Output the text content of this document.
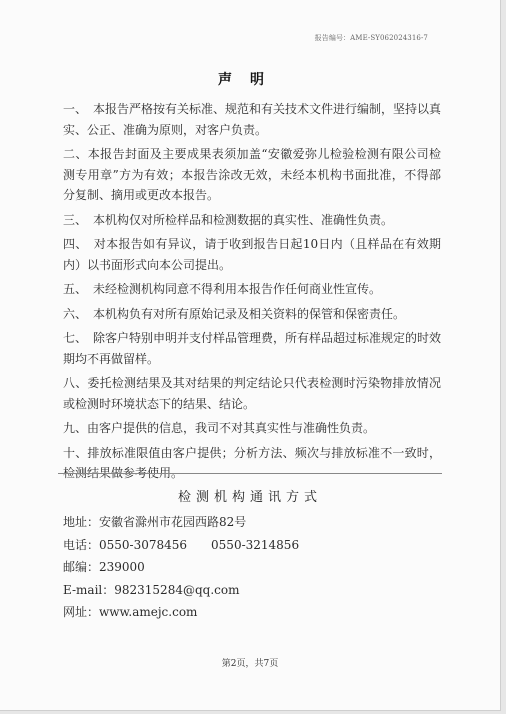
报告编号：AME-SY062024316-7
声明

一、　本报告严格按有关标准、规范和有关技术文件进行编制，坚持以真实、公正、准确为原则，对客户负责。

二、本报告封面及主要成果表须加盖“安徽爱弥儿检验检测有限公司检测专用章”方为有效；本报告涂改无效，未经本机构书面批准，不得部分复制、摘用或更改本报告。

三、　本机构仅对所检样品和检测数据的真实性、准确性负责。

四、　对本报告如有异议，请于收到报告日起10日内（且样品在有效期内）以书面形式向本公司提出。

五、　未经检测机构同意不得利用本报告作任何商业性宣传。

六、　本机构负有对所有原始记录及相关资料的保管和保密责任。

七、　除客户特别申明并支付样品管理费，所有样品超过标准规定的时效期均不再做留样。

八、委托检测结果及其对结果的判定结论只代表检测时污染物排放情况或检测时环境状态下的结果、结论。

九、由客户提供的信息，我司不对其真实性与准确性负责。

十、排放标准限值由客户提供；分析方法、频次与排放标准不一致时，检测结果做参考使用。

检测机构通讯方式
地址：安徽省滁州市花园西路82号
电话：0550-3078456　　0550-3214856
邮编：239000
E-mail：982315284@qq.com
网址：www.amejc.com
第2页，共7页
